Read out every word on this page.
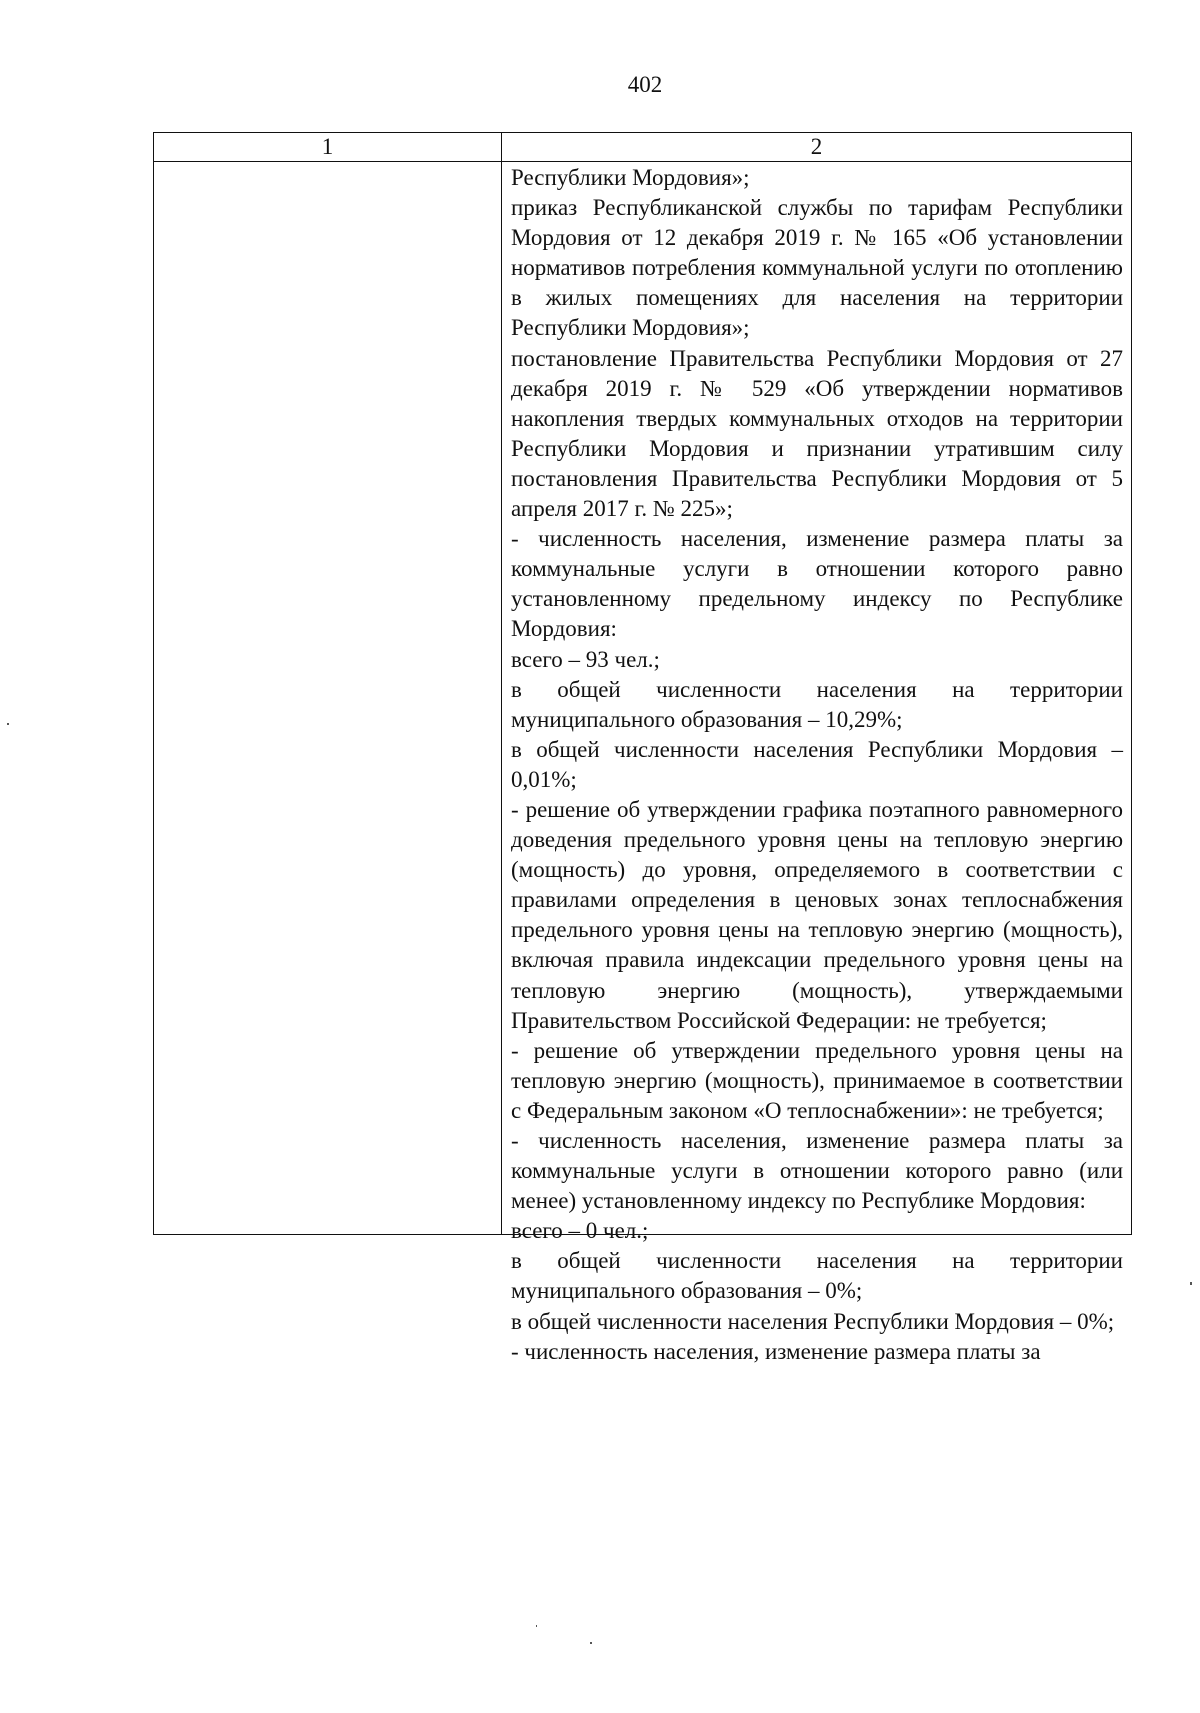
402
1	2

Республики Мордовия»;

приказ Республиканской службы по тарифам Республики Мордовия от 12 декабря 2019 г. № 165 «Об установлении нормативов потребления коммунальной услуги по отоплению в жилых помещениях для населения на территории Республики Мордовия»;

постановление Правительства Республики Мордовия от 27 декабря 2019 г. № 529 «Об утверждении нормативов накопления твердых коммунальных отходов на территории Республики Мордовия и признании утратившим силу постановления Правительства Республики Мордовия от 5 апреля 2017 г. № 225»;

- численность населения, изменение размера платы за коммунальные услуги в отношении которого равно установленному предельному индексу по Республике Мордовия:

всего – 93 чел.;

в общей численности населения на территории муниципального образования – 10,29%;

в общей численности населения Республики Мордовия – 0,01%;

- решение об утверждении графика поэтапного равномерного доведения предельного уровня цены на тепловую энергию (мощность) до уровня, определяемого в соответствии с правилами определения в ценовых зонах теплоснабжения предельного уровня цены на тепловую энергию (мощность), включая правила индексации предельного уровня цены на тепловую энергию (мощность), утверждаемыми Правительством Российской Федерации: не требуется;

- решение об утверждении предельного уровня цены на тепловую энергию (мощность), принимаемое в соответствии с Федеральным законом «О теплоснабжении»: не требуется;

- численность населения, изменение размера платы за коммунальные услуги в отношении которого равно (или менее) установленному индексу по Республике Мордовия:

всего – 0 чел.;

в общей численности населения на территории муниципального образования – 0%;

в общей численности населения Республики Мордовия – 0%;

- численность населения, изменение размера платы за
